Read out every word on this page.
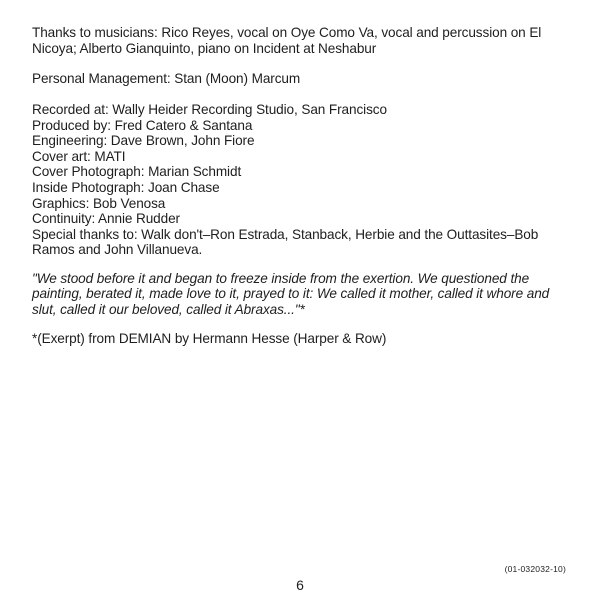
Thanks to musicians: Rico Reyes, vocal on Oye Como Va, vocal and percussion on El Nicoya; Alberto Gianquinto, piano on Incident at Neshabur

Personal Management: Stan (Moon) Marcum

Recorded at: Wally Heider Recording Studio, San Francisco

Produced by: Fred Catero & Santana

Engineering: Dave Brown, John Fiore

Cover art: MATI

Cover Photograph: Marian Schmidt

Inside Photograph: Joan Chase

Graphics: Bob Venosa

Continuity: Annie Rudder

Special thanks to: Walk don't–Ron Estrada, Stanback, Herbie and the Outtasites–Bob Ramos and John Villanueva.

"We stood before it and began to freeze inside from the exertion. We questioned the painting, berated it, made love to it, prayed to it: We called it mother, called it whore and slut, called it our beloved, called it Abraxas..."*

*(Exerpt) from DEMIAN by Hermann Hesse (Harper & Row)

(01-032032-10)
6
